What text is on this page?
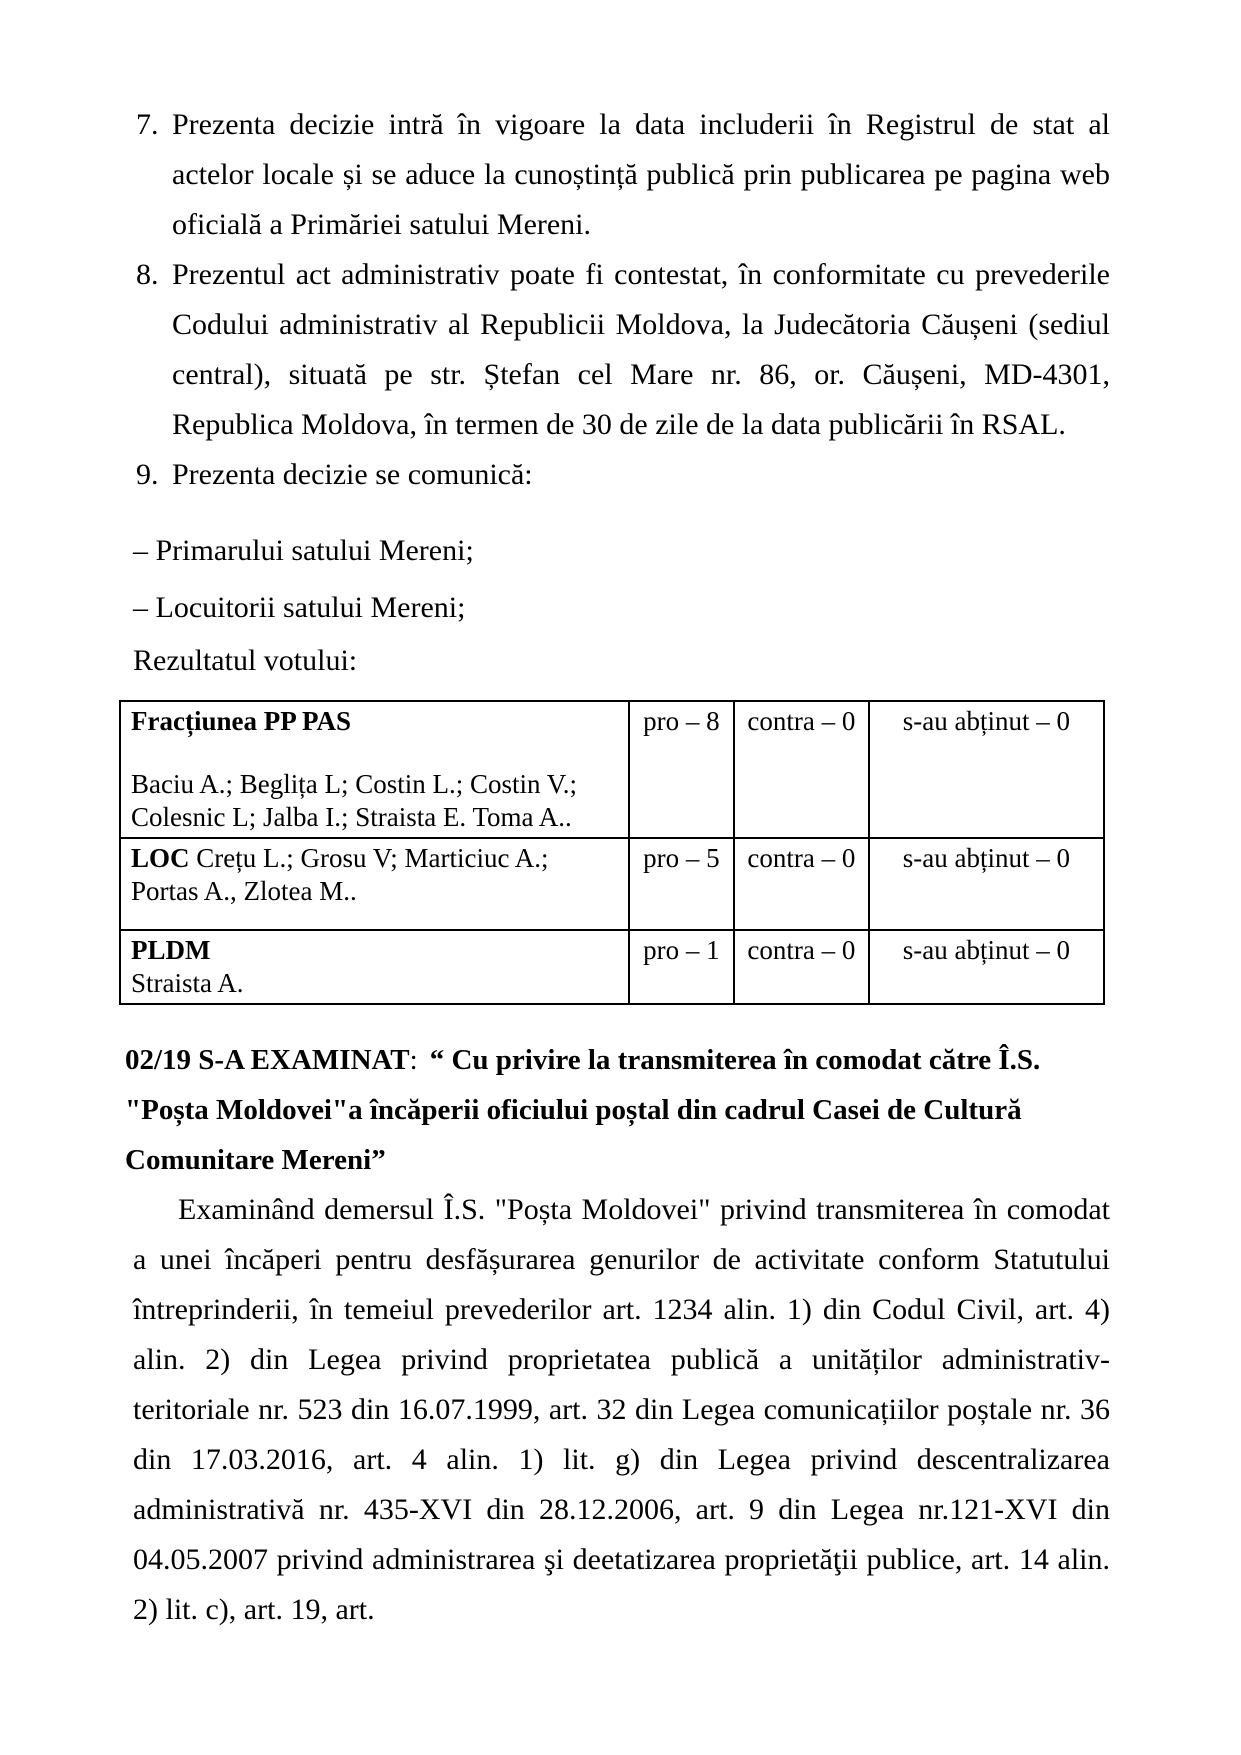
7. Prezenta decizie intră în vigoare la data includerii în Registrul de stat al actelor locale și se aduce la cunoștință publică prin publicarea pe pagina web oficială a Primăriei satului Mereni.
8. Prezentul act administrativ poate fi contestat, în conformitate cu prevederile Codului administrativ al Republicii Moldova, la Judecătoria Căușeni (sediul central), situată pe str. Ștefan cel Mare nr. 86, or. Căușeni, MD-4301, Republica Moldova, în termen de 30 de zile de la data publicării în RSAL.
9. Prezenta decizie se comunică:
– Primarului satului Mereni;
– Locuitorii satului Mereni;
Rezultatul votului:
Fracțiunea PP PAS
Baciu A.; Beglița L; Costin L.; Costin V.; Colesnic L; Jalba I.; Straista E. Toma A..	pro – 8	contra – 0	s-au abținut – 0
LOC Crețu L.; Grosu V; Marticiuc A.; Portas A., Zlotea M..	pro – 5	contra – 0	s-au abținut – 0

PLDM
Straista A.	pro – 1	contra – 0	s-au abținut – 0
02/19 S-A EXAMINAT: “ Cu privire la transmiterea în comodat către Î.S. "Poșta Moldovei"a încăperii oficiului poștal din cadrul Casei de Cultură Comunitare Mereni”

Examinând demersul Î.S. "Poșta Moldovei" privind transmiterea în comodat a unei încăperi pentru desfășurarea genurilor de activitate conform Statutului întreprinderii, în temeiul prevederilor art. 1234 alin. 1) din Codul Civil, art. 4) alin. 2) din Legea privind proprietatea publică a unităților administrativ-teritoriale nr. 523 din 16.07.1999, art. 32 din Legea comunicațiilor poștale nr. 36 din 17.03.2016, art. 4 alin. 1) lit. g) din Legea privind descentralizarea administrativă nr. 435-XVI din 28.12.2006, art. 9 din Legea nr.121-XVI din 04.05.2007 privind administrarea şi deetatizarea proprietăţii publice, art. 14 alin. 2) lit. c), art. 19, art.
